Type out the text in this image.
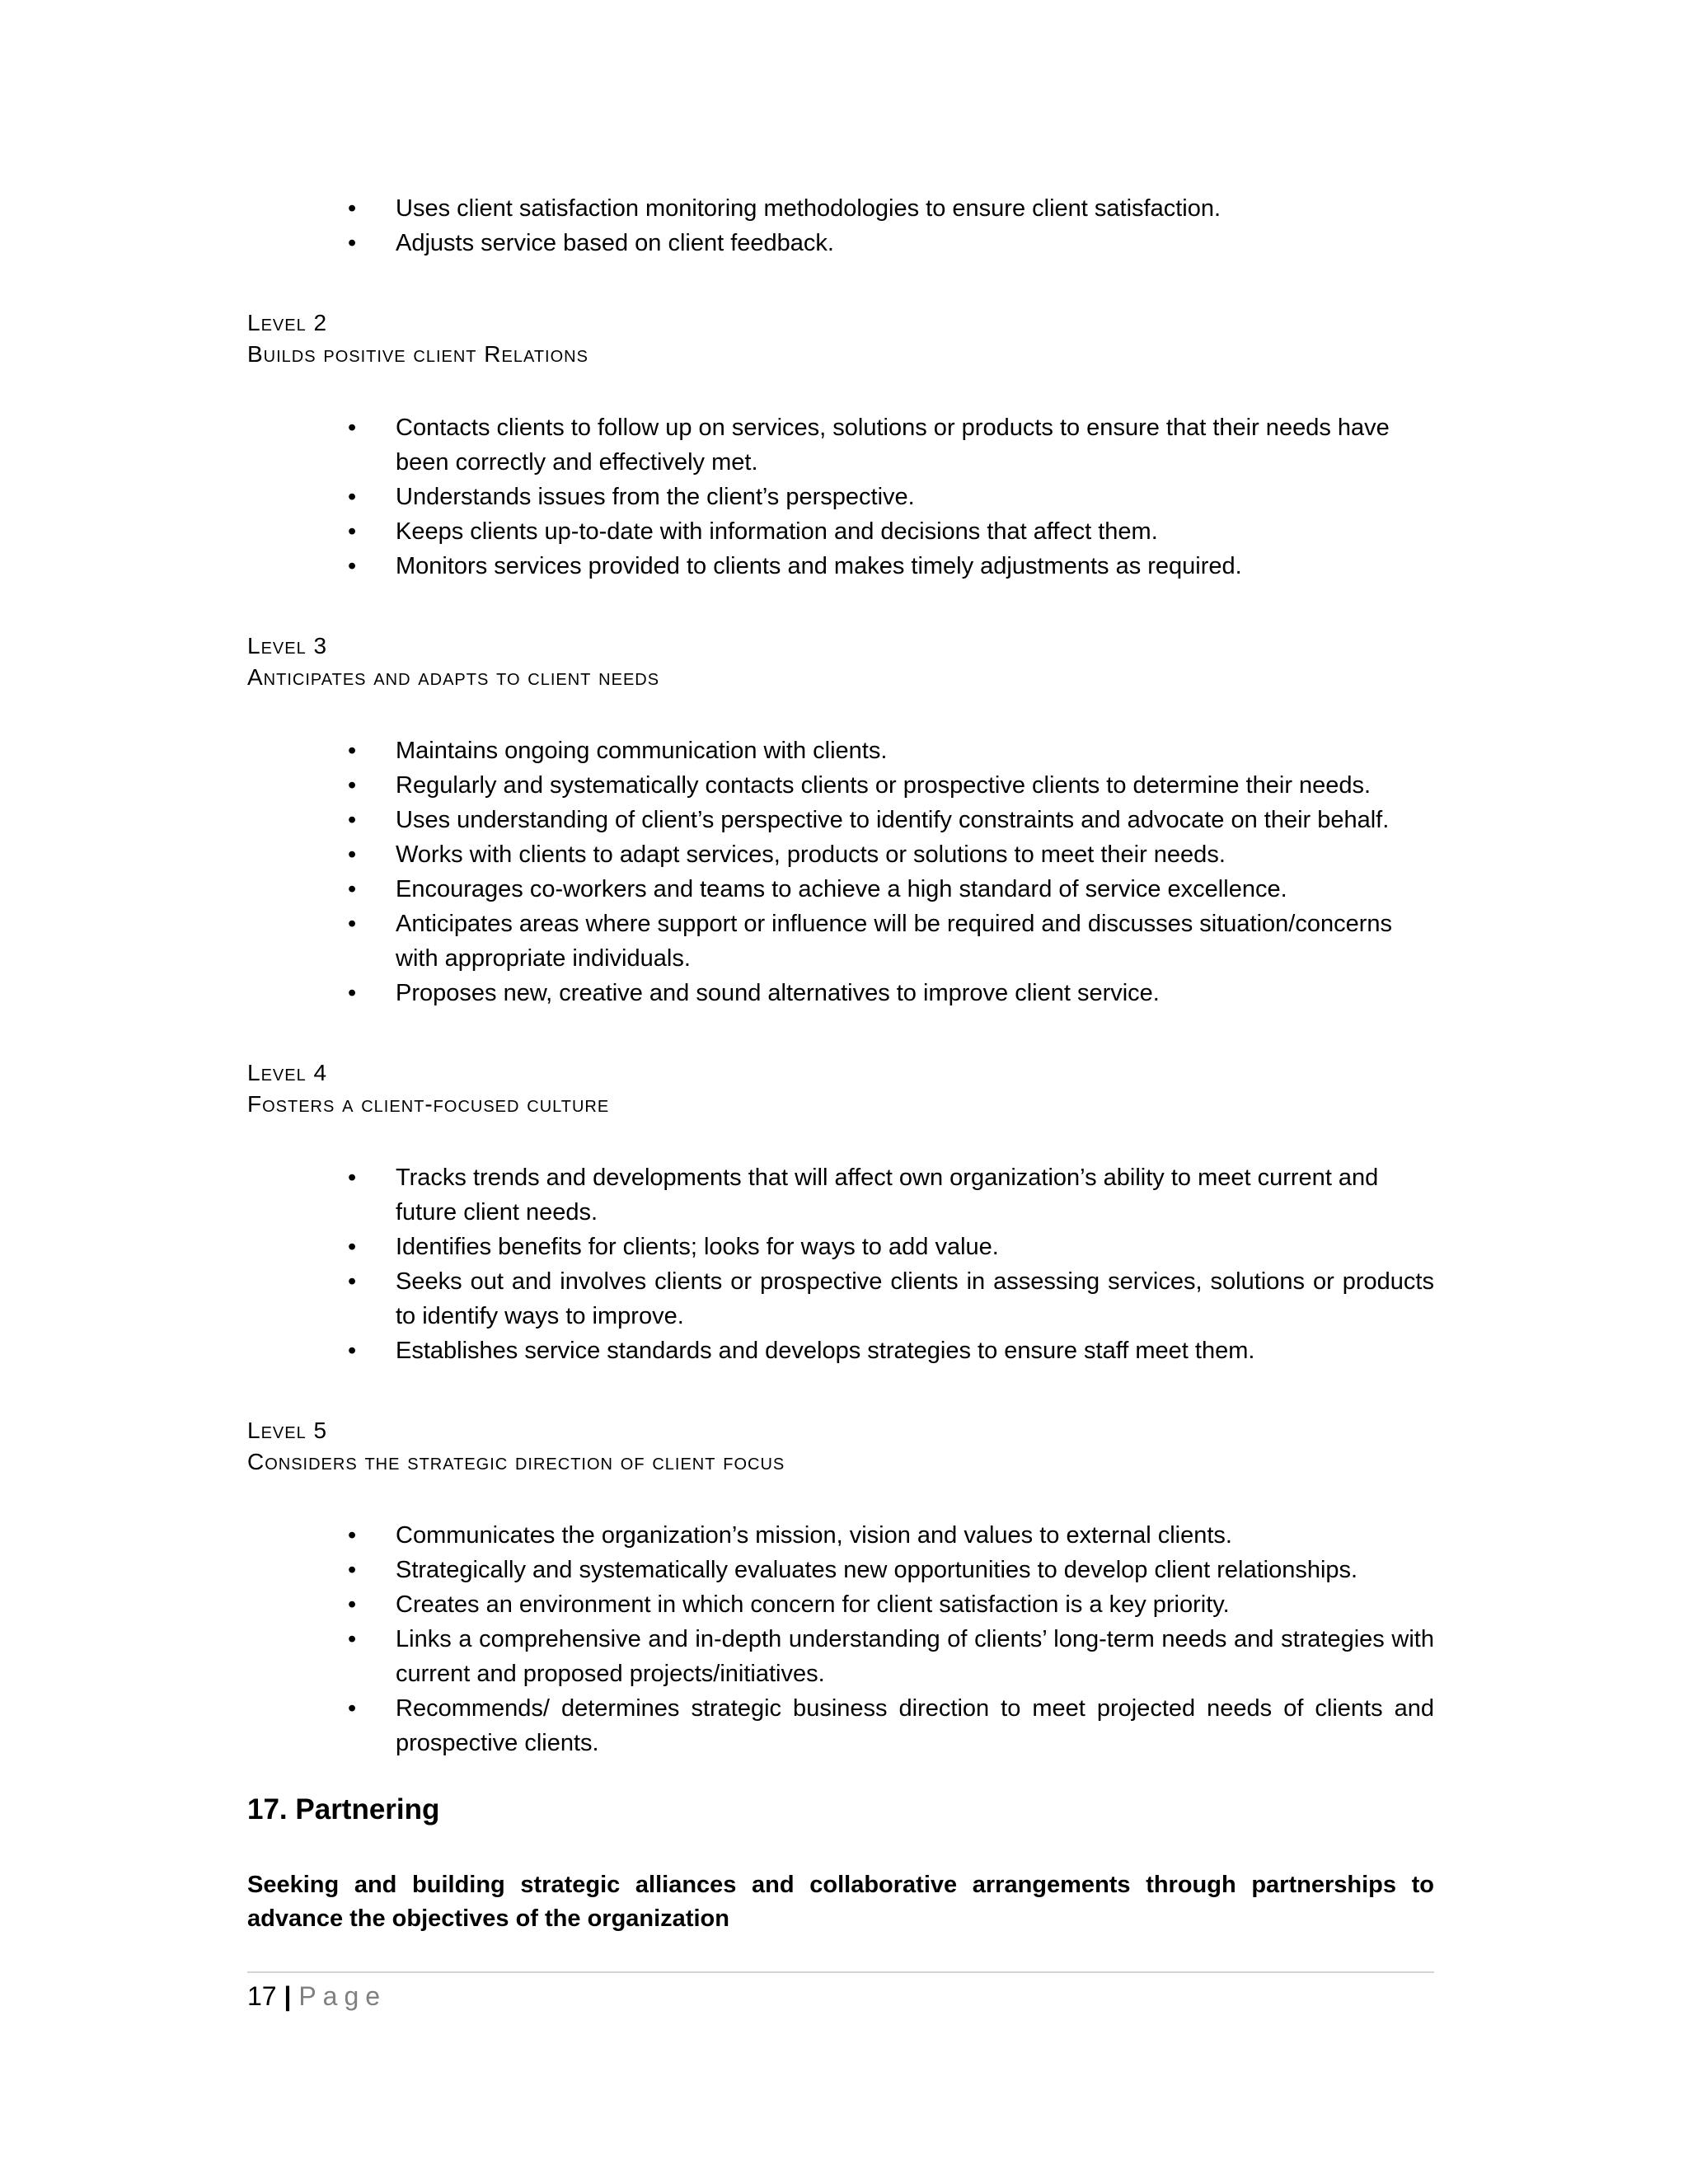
• Uses client satisfaction monitoring methodologies to ensure client satisfaction.
• Adjusts service based on client feedback.
Level 2
Builds positive client Relations
• Contacts clients to follow up on services, solutions or products to ensure that their needs have been correctly and effectively met.
• Understands issues from the client’s perspective.
• Keeps clients up-to-date with information and decisions that affect them.
• Monitors services provided to clients and makes timely adjustments as required.
Level 3
Anticipates and adapts to client needs
• Maintains ongoing communication with clients.
• Regularly and systematically contacts clients or prospective clients to determine their needs.
• Uses understanding of client’s perspective to identify constraints and advocate on their behalf.
• Works with clients to adapt services, products or solutions to meet their needs.
• Encourages co-workers and teams to achieve a high standard of service excellence.
• Anticipates areas where support or influence will be required and discusses situation/concerns with appropriate individuals.
• Proposes new, creative and sound alternatives to improve client service.
Level 4
Fosters a client-focused culture
• Tracks trends and developments that will affect own organization’s ability to meet current and future client needs.
• Identifies benefits for clients; looks for ways to add value.
• Seeks out and involves clients or prospective clients in assessing services, solutions or products to identify ways to improve.
• Establishes service standards and develops strategies to ensure staff meet them.
Level 5
Considers the strategic direction of client focus
• Communicates the organization’s mission, vision and values to external clients.
• Strategically and systematically evaluates new opportunities to develop client relationships.
• Creates an environment in which concern for client satisfaction is a key priority.
• Links a comprehensive and in-depth understanding of clients’ long-term needs and strategies with current and proposed projects/initiatives.
• Recommends/ determines strategic business direction to meet projected needs of clients and prospective clients.
17. Partnering

Seeking and building strategic alliances and collaborative arrangements through partnerships to advance the objectives of the organization

17 | Page
